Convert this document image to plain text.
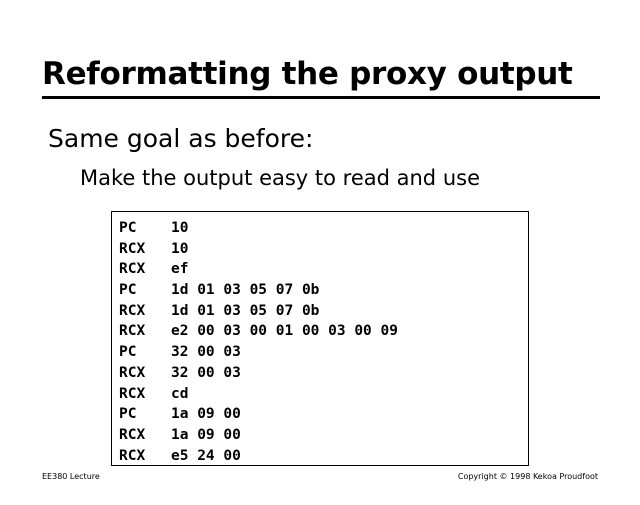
Reformatting the proxy output
Same goal as before:
Make the output easy to read and use
PC 10
RCX 10
RCX ef
PC 1d 01 03 05 07 0b
RCX 1d 01 03 05 07 0b
RCX e2 00 03 00 01 00 03 00 09
PC 32 00 03
RCX 32 00 03
RCX cd
PC 1a 09 00
RCX 1a 09 00
RCX e5 24 00
EE380 Lecture	Copyright © 1998 Kekoa Proudfoot
